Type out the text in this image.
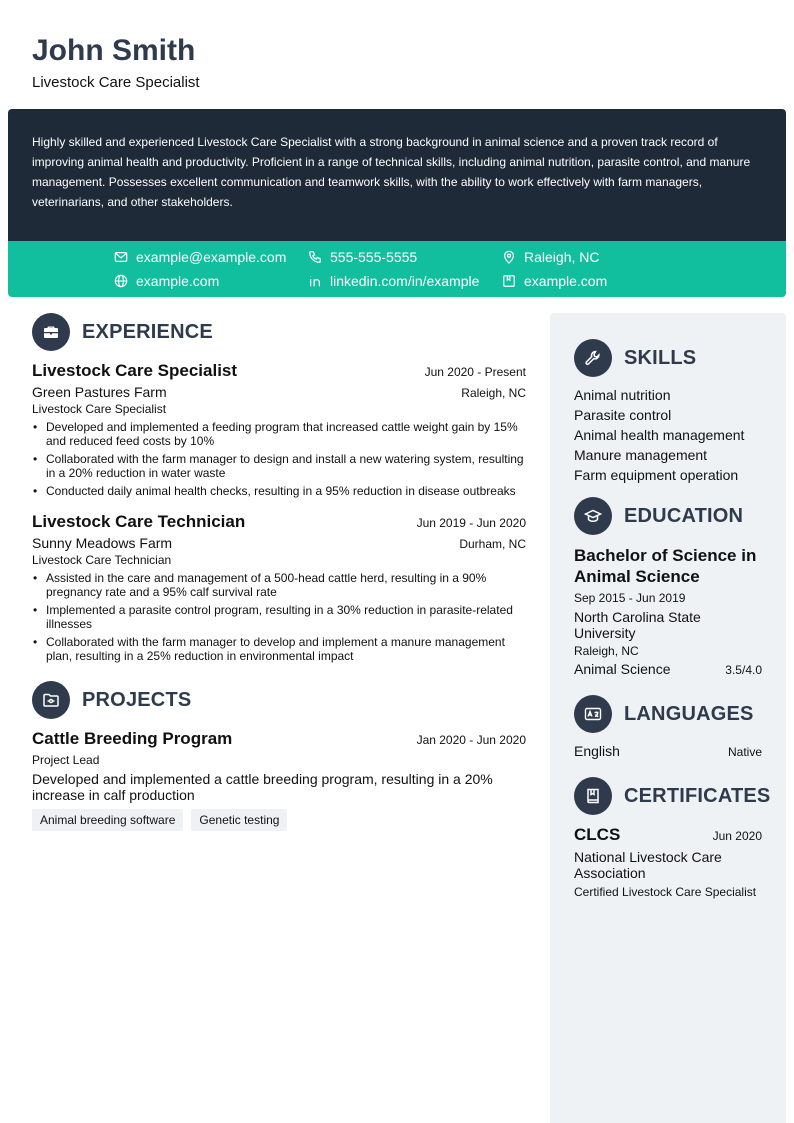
John Smith
Livestock Care Specialist

Highly skilled and experienced Livestock Care Specialist with a strong background in animal science and a proven track record of improving animal health and productivity. Proficient in a range of technical skills, including animal nutrition, parasite control, and manure management. Possesses excellent communication and teamwork skills, with the ability to work effectively with farm managers, veterinarians, and other stakeholders.

example@example.com	555-555-5555	Raleigh, NC
example.com	linkedin.com/in/example	example.com
EXPERIENCE
Livestock Care Specialist	Jun 2020 - Present
Green Pastures Farm	Raleigh, NC
Livestock Care Specialist
• Developed and implemented a feeding program that increased cattle weight gain by 15% and reduced feed costs by 10%
• Collaborated with the farm manager to design and install a new watering system, resulting in a 20% reduction in water waste
• Conducted daily animal health checks, resulting in a 95% reduction in disease outbreaks
Livestock Care Technician	Jun 2019 - Jun 2020
Sunny Meadows Farm	Durham, NC
Livestock Care Technician
• Assisted in the care and management of a 500-head cattle herd, resulting in a 90% pregnancy rate and a 95% calf survival rate
• Implemented a parasite control program, resulting in a 30% reduction in parasite-related illnesses
• Collaborated with the farm manager to develop and implement a manure management plan, resulting in a 25% reduction in environmental impact
PROJECTS
Cattle Breeding Program	Jan 2020 - Jun 2020
Project Lead
Developed and implemented a cattle breeding program, resulting in a 20% increase in calf production
Animal breeding software	Genetic testing
SKILLS
Animal nutrition
Parasite control
Animal health management
Manure management
Farm equipment operation
EDUCATION
Bachelor of Science in Animal Science
Sep 2015 - Jun 2019
North Carolina State University
Raleigh, NC
Animal Science	3.5/4.0
LANGUAGES
English	Native
CERTIFICATES
CLCS	Jun 2020
National Livestock Care Association
Certified Livestock Care Specialist
